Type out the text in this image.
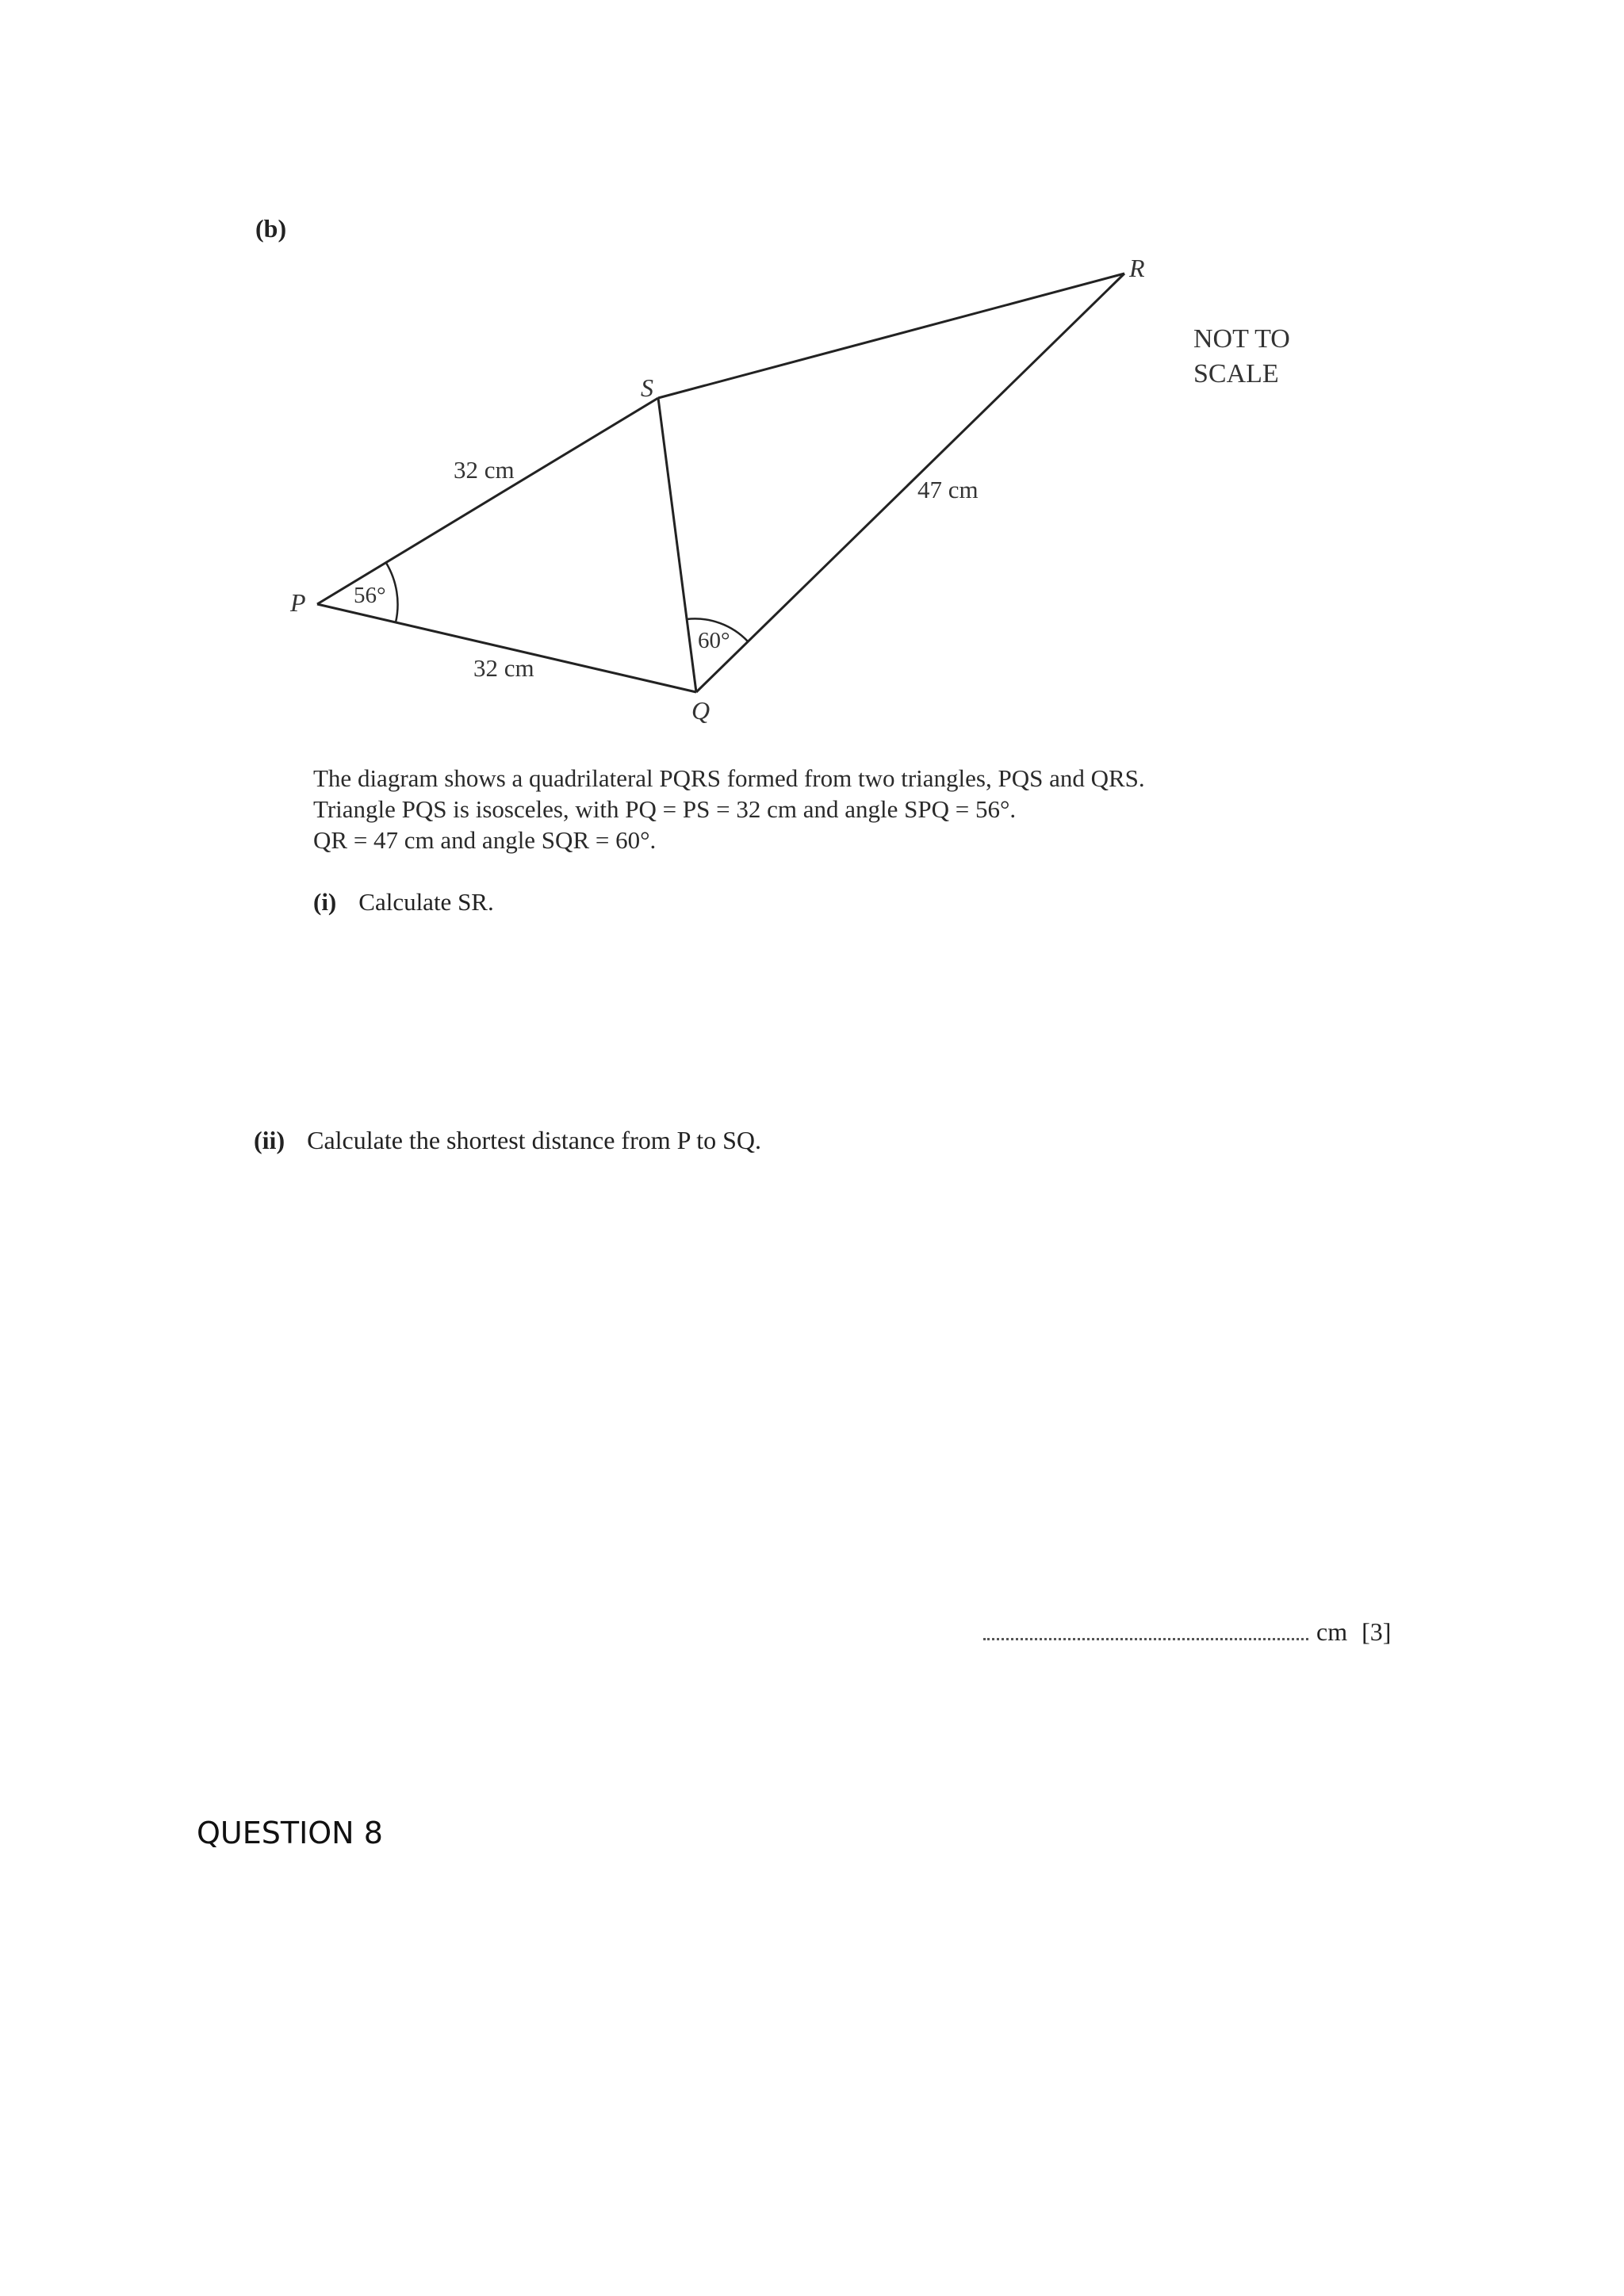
(b)

NOT TO
SCALE
P
S
Q
R
32 cm
32 cm
47 cm
56°
60°
The diagram shows a quadrilateral PQRS formed from two triangles, PQS and QRS.
Triangle PQS is isosceles, with PQ = PS = 32 cm and angle SPQ = 56°.
QR = 47 cm and angle SQR = 60°.

(i) Calculate SR.

(ii) Calculate the shortest distance from P to SQ.

cm [3]

QUESTION 8
